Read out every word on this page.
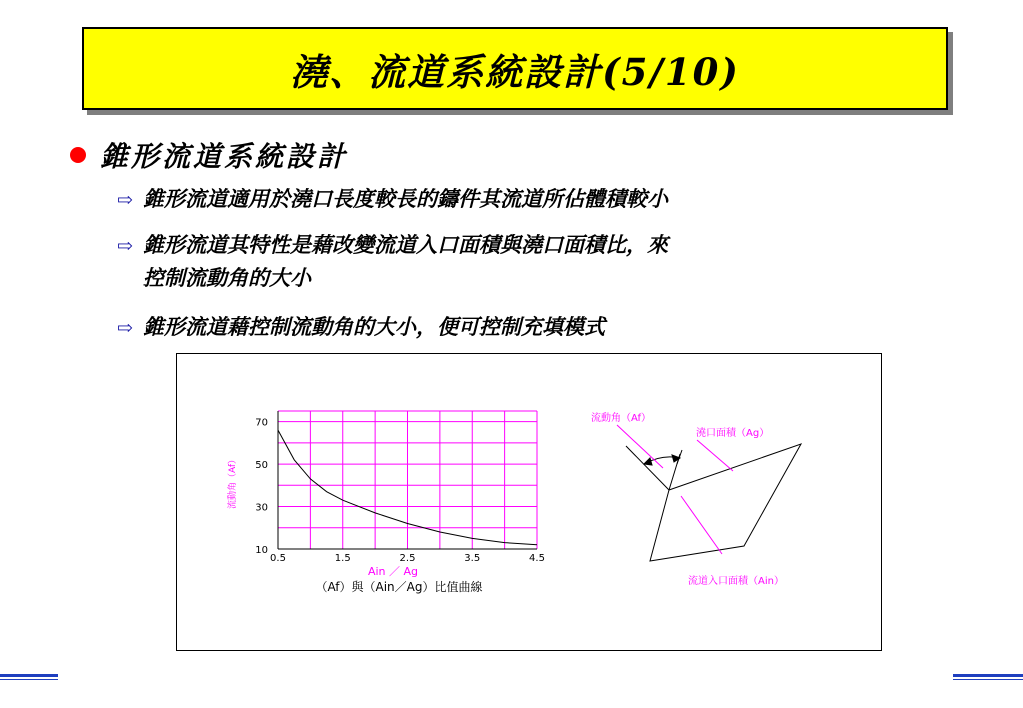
澆、流道系統設計(5/10)
錐形流道系統設計
⇨ 錐形流道適用於澆口長度較長的鑄件其流道所佔體積較小
⇨ 錐形流道其特性是藉改變流道入口面積與澆口面積比，來
控制流動角的大小
⇨ 錐形流道藉控制流動角的大小，便可控制充填模式
0.5	1.5	2.5	3.5	4.5
10
30
50
70
Ain ／ Ag
（Af）與（Ain／Ag）比值曲線
流動角（Af）
流動角（Af）
澆口面積（Ag）
流道入口面積（Ain）
